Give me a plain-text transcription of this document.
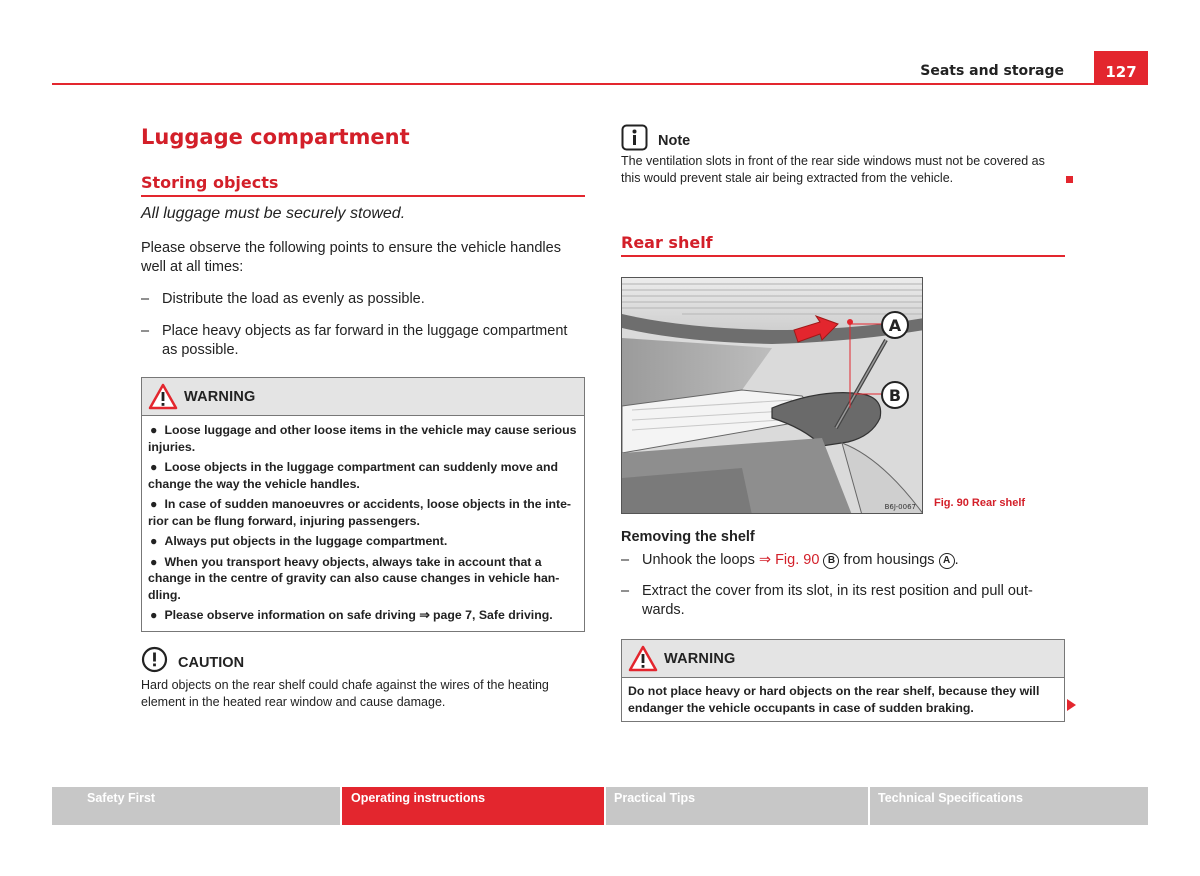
Seats and storage	127
Luggage compartment
Storing objects
All luggage must be securely stowed.
Please observe the following points to ensure the vehicle handles well at all times:
– Distribute the load as evenly as possible.
– Place heavy objects as far forward in the luggage compartment as possible.
WARNING
● Loose luggage and other loose items in the vehicle may cause serious injuries.
● Loose objects in the luggage compartment can suddenly move and change the way the vehicle handles.
● In case of sudden manoeuvres or accidents, loose objects in the inte-rior can be flung forward, injuring passengers.
● Always put objects in the luggage compartment.
● When you transport heavy objects, always take in account that a change in the centre of gravity can also cause changes in vehicle han-dling.
● Please observe information on safe driving ⇒ page 7, Safe driving.
CAUTION
Hard objects on the rear shelf could chafe against the wires of the heating element in the heated rear window and cause damage.
Note
The ventilation slots in front of the rear side windows must not be covered as this would prevent stale air being extracted from the vehicle.
Rear shelf
A
B
B6J-0067 Fig. 90 Rear shelf
Removing the shelf
– Unhook the loops ⇒ Fig. 90 B from housings A .
– Extract the cover from its slot, in its rest position and pull out-wards.
WARNING
Do not place heavy or hard objects on the rear shelf, because they will endanger the vehicle occupants in case of sudden braking.
Safety First	Operating instructions	Practical Tips	Technical Specifications
